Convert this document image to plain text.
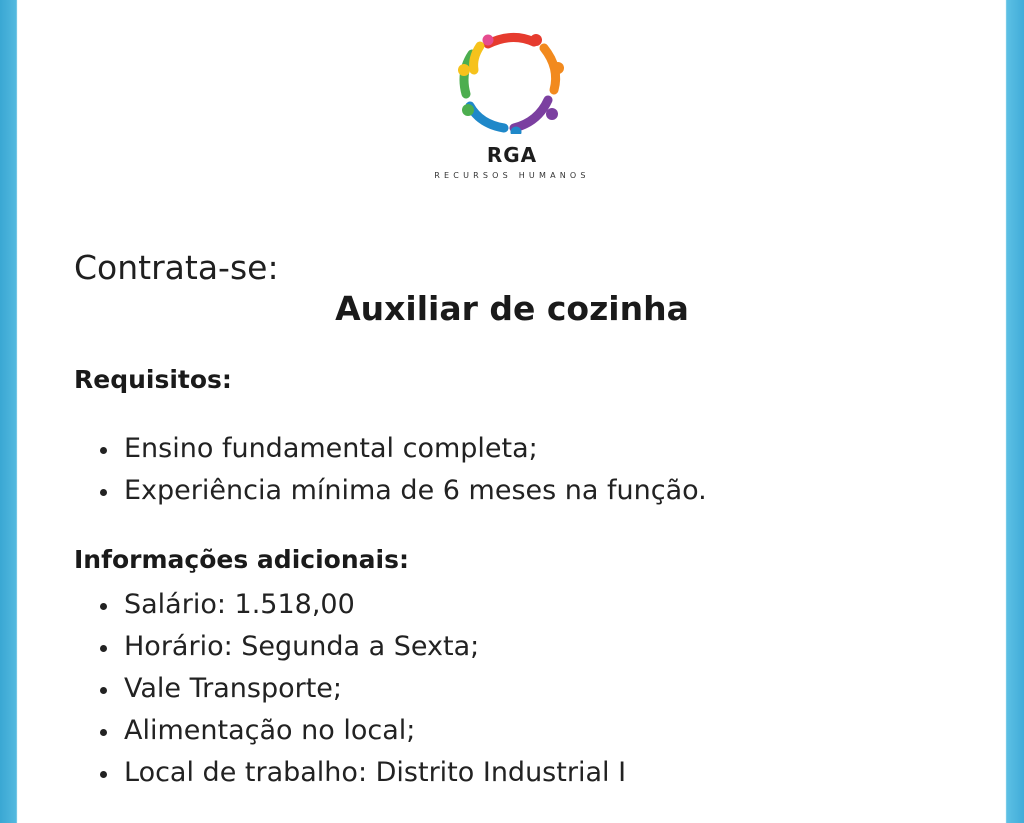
RGA
RECURSOS HUMANOS
Contrata-se:
Auxiliar de cozinha
Requisitos:
Ensino fundamental completa;
Experiência mínima de 6 meses na função.
Informações adicionais:
Salário: 1.518,00
Horário: Segunda a Sexta;
Vale Transporte;
Alimentação no local;
Local de trabalho: Distrito Industrial I
